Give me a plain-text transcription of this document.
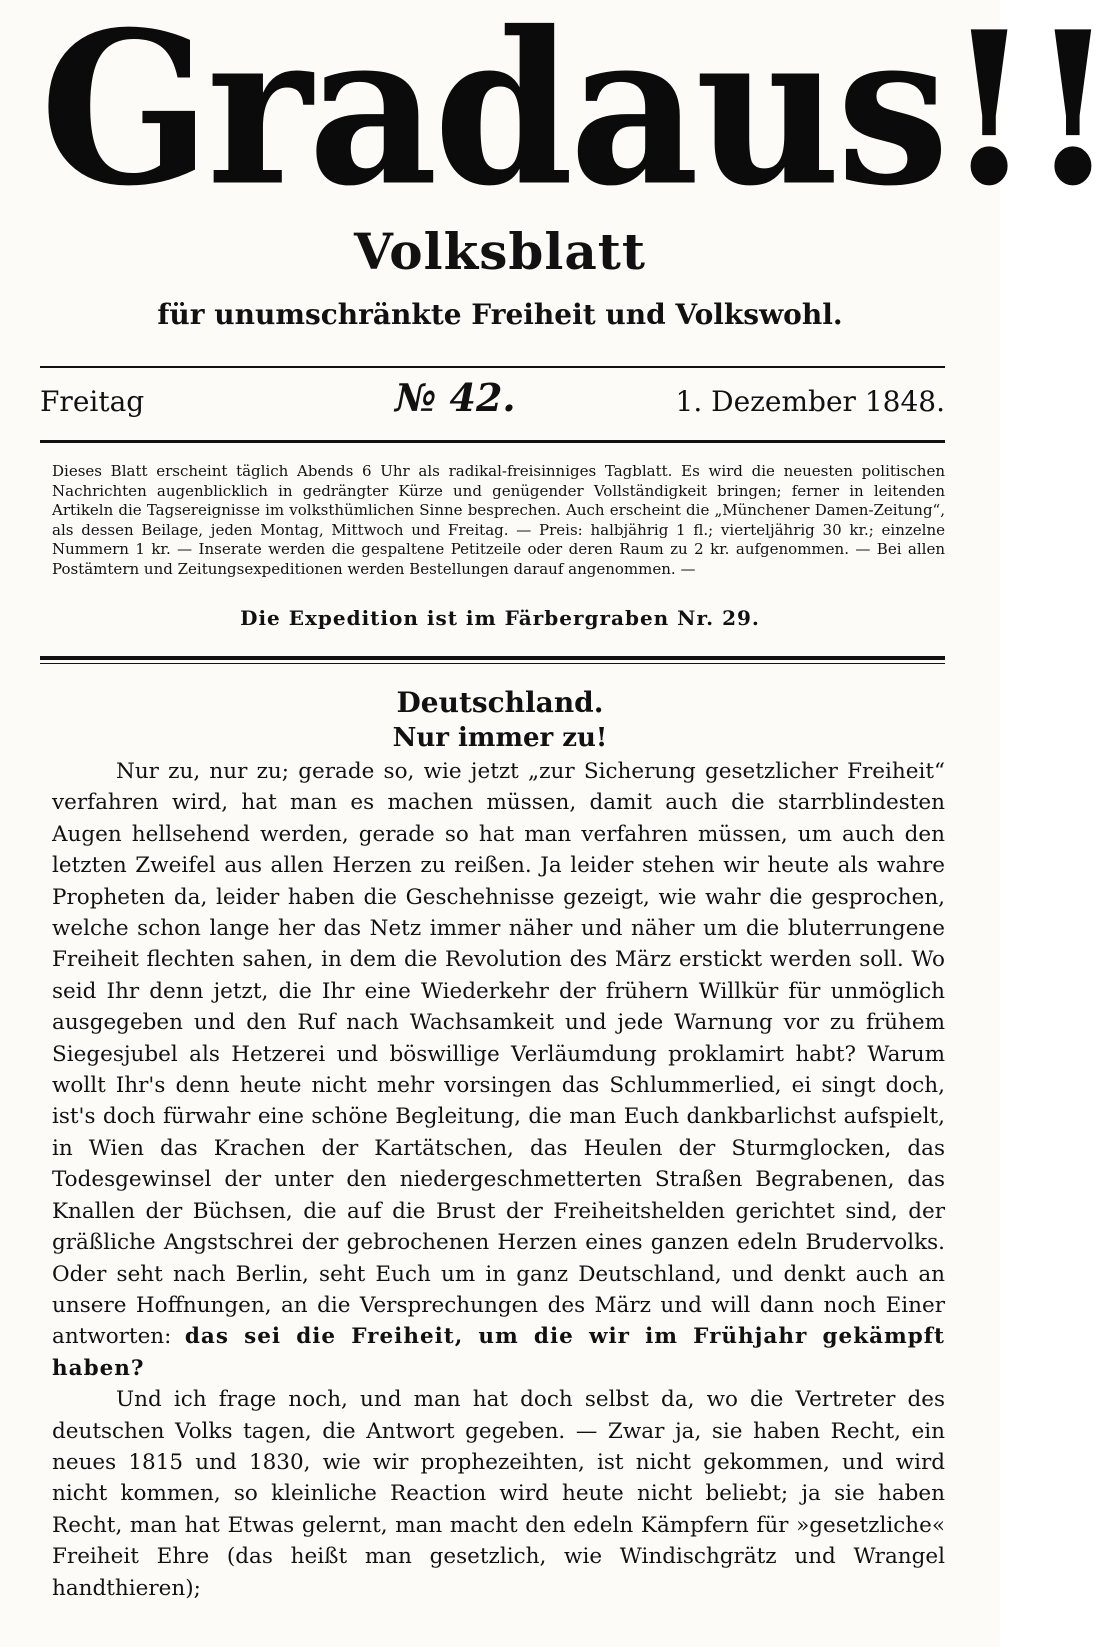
Gradaus!!
Volksblatt
für unumschränkte Freiheit und Volkswohl.
Freitag	№ 42.	1. Dezember 1848.
Dieses Blatt erscheint täglich Abends 6 Uhr als radikal-freisinniges Tagblatt. Es wird die neuesten politischen Nachrichten augenblicklich in gedrängter Kürze und genügender Vollständigkeit bringen; ferner in leitenden Artikeln die Tagsereignisse im volksthümlichen Sinne besprechen. Auch erscheint die „Münchener Damen-Zeitung“, als dessen Beilage, jeden Montag, Mittwoch und Freitag. — Preis: halbjährig 1 fl.; vierteljährig 30 kr.; einzelne Nummern 1 kr. — Inserate werden die gespaltene Petitzeile oder deren Raum zu 2 kr. aufgenommen. — Bei allen Postämtern und Zeitungsexpeditionen werden Bestellungen darauf angenommen. —
Die Expedition ist im Färbergraben Nr. 29.
Deutschland.
Nur immer zu!

Nur zu, nur zu; gerade so, wie jetzt „zur Sicherung gesetzlicher Freiheit“ verfahren wird, hat man es machen müssen, damit auch die starrblindesten Augen hellsehend werden, gerade so hat man verfahren müssen, um auch den letzten Zweifel aus allen Herzen zu reißen. Ja leider stehen wir heute als wahre Propheten da, leider haben die Geschehnisse gezeigt, wie wahr die gesprochen, welche schon lange her das Netz immer näher und näher um die bluterrungene Freiheit flechten sahen, in dem die Revolution des März erstickt werden soll. Wo seid Ihr denn jetzt, die Ihr eine Wiederkehr der frühern Willkür für unmöglich ausgegeben und den Ruf nach Wachsamkeit und jede Warnung vor zu frühem Siegesjubel als Hetzerei und böswillige Verläumdung proklamirt habt? Warum wollt Ihr's denn heute nicht mehr vorsingen das Schlummerlied, ei singt doch, ist's doch fürwahr eine schöne Begleitung, die man Euch dankbarlichst aufspielt, in Wien das Krachen der Kartätschen, das Heulen der Sturmglocken, das Todesgewinsel der unter den niedergeschmetterten Straßen Begrabenen, das Knallen der Büchsen, die auf die Brust der Freiheitshelden gerichtet sind, der gräßliche Angstschrei der gebrochenen Herzen eines ganzen edeln Brudervolks. Oder seht nach Berlin, seht Euch um in ganz Deutschland, und denkt auch an unsere Hoffnungen, an die Versprechungen des März und will dann noch Einer antworten: das sei die Freiheit, um die wir im Frühjahr gekämpft haben?

Und ich frage noch, und man hat doch selbst da, wo die Vertreter des deutschen Volks tagen, die Antwort gegeben. — Zwar ja, sie haben Recht, ein neues 1815 und 1830, wie wir prophezeihten, ist nicht gekommen, und wird nicht kommen, so kleinliche Reaction wird heute nicht beliebt; ja sie haben Recht, man hat Etwas gelernt, man macht den edeln Kämpfern für »gesetzliche« Freiheit Ehre (das heißt man gesetzlich, wie Windischgrätz und Wrangel handthieren);
